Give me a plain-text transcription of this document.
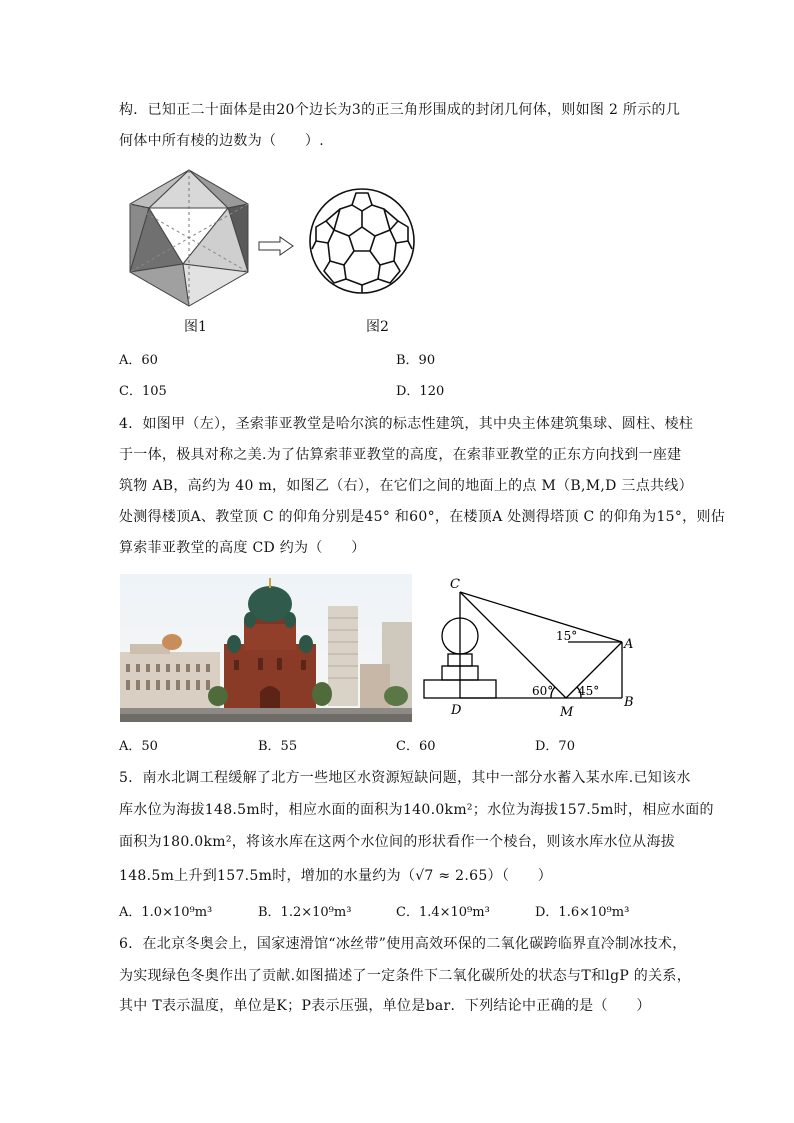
构．已知正二十面体是由20个边长为3的正三角形围成的封闭几何体，则如图 2 所示的几
何体中所有棱的边数为（　　）.
图1	图2
A．60	B．90
C．105	D．120
4．如图甲（左），圣索菲亚教堂是哈尔滨的标志性建筑，其中央主体建筑集球、圆柱、棱柱
于一体，极具对称之美.为了估算索菲亚教堂的高度，在索菲亚教堂的正东方向找到一座建
筑物 AB，高约为 40 m，如图乙（右），在它们之间的地面上的点 M（B,M,D 三点共线）
处测得楼顶A、教堂顶 C 的仰角分别是45° 和60°，在楼顶A 处测得塔顶 C 的仰角为15°，则估
算索菲亚教堂的高度 CD 约为（　　）
C
A
B
D	M
15°
60° 45°
A．50	B．55	C．60	D．70
5．南水北调工程缓解了北方一些地区水资源短缺问题，其中一部分水蓄入某水库.已知该水
库水位为海拔148.5m时，相应水面的面积为140.0km²；水位为海拔157.5m时，相应水面的
面积为180.0km²，将该水库在这两个水位间的形状看作一个棱台，则该水库水位从海拔
148.5m上升到157.5m时，增加的水量约为（√7 ≈ 2.65）（　　）
A．1.0×10⁹m³	B．1.2×10⁹m³	C．1.4×10⁹m³	D．1.6×10⁹m³
6．在北京冬奥会上，国家速滑馆“冰丝带”使用高效环保的二氧化碳跨临界直冷制冰技术，
为实现绿色冬奥作出了贡献.如图描述了一定条件下二氧化碳所处的状态与T和lgP 的关系，
其中 T表示温度，单位是K；P表示压强，单位是bar．下列结论中正确的是（　　）
